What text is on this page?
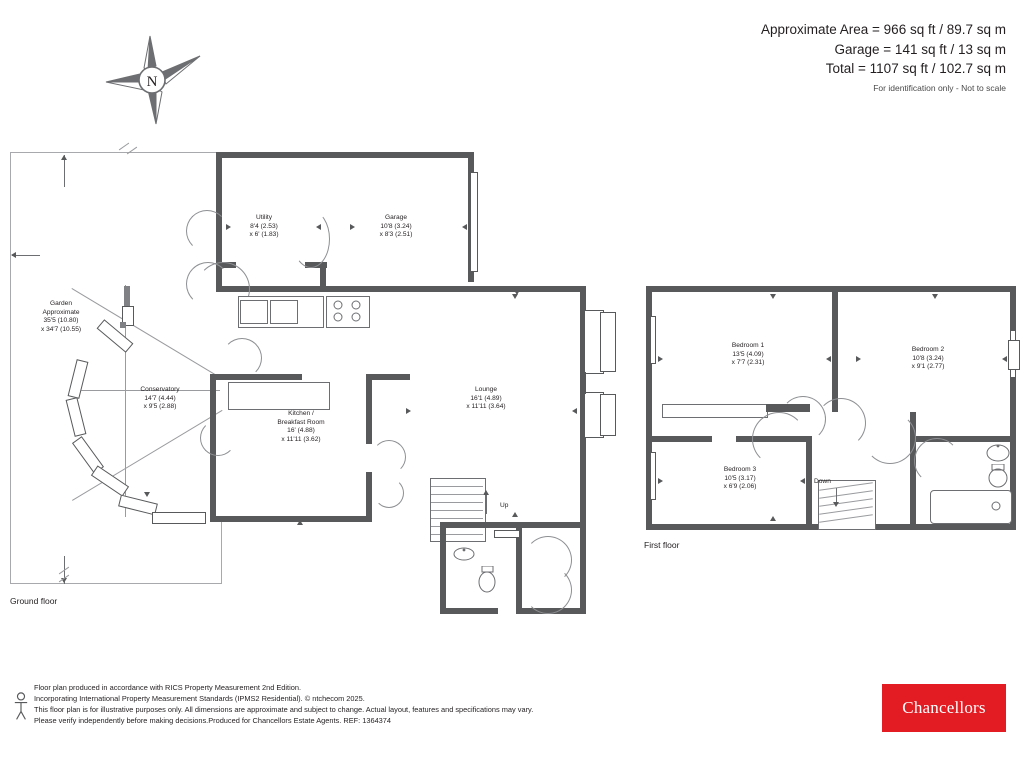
Approximate Area = 966 sq ft / 89.7 sq m
Garage = 141 sq ft / 13 sq m
Total = 1107 sq ft / 102.7 sq m
For identification only - Not to scale
N
Garden
Approximate
35'5 (10.80)
x 34'7 (10.55)
Utility
8'4 (2.53)
x 6' (1.83)
Garage
10'8 (3.24)
x 8'3 (2.51)
Kitchen /
Breakfast Room
16' (4.88)
x 11'11 (3.62)
Lounge
16'1 (4.89)
x 11'11 (3.64)
Conservatory
14'7 (4.44)
x 9'5 (2.88)
Up
Ground floor
Bedroom 1
13'5 (4.09)
x 7'7 (2.31)
Bedroom 2
10'8 (3.24)
x 9'1 (2.77)
Bedroom 3
10'5 (3.17)
x 6'9 (2.06)
Down
First floor
Floor plan produced in accordance with RICS Property Measurement 2nd Edition.
Incorporating International Property Measurement Standards (IPMS2 Residential). © ntchecom 2025.
This floor plan is for illustrative purposes only. All dimensions are approximate and subject to change. Actual layout, features and specifications may vary.
Please verify independently before making decisions.Produced for Chancellors Estate Agents. REF: 1364374
Chancellors
